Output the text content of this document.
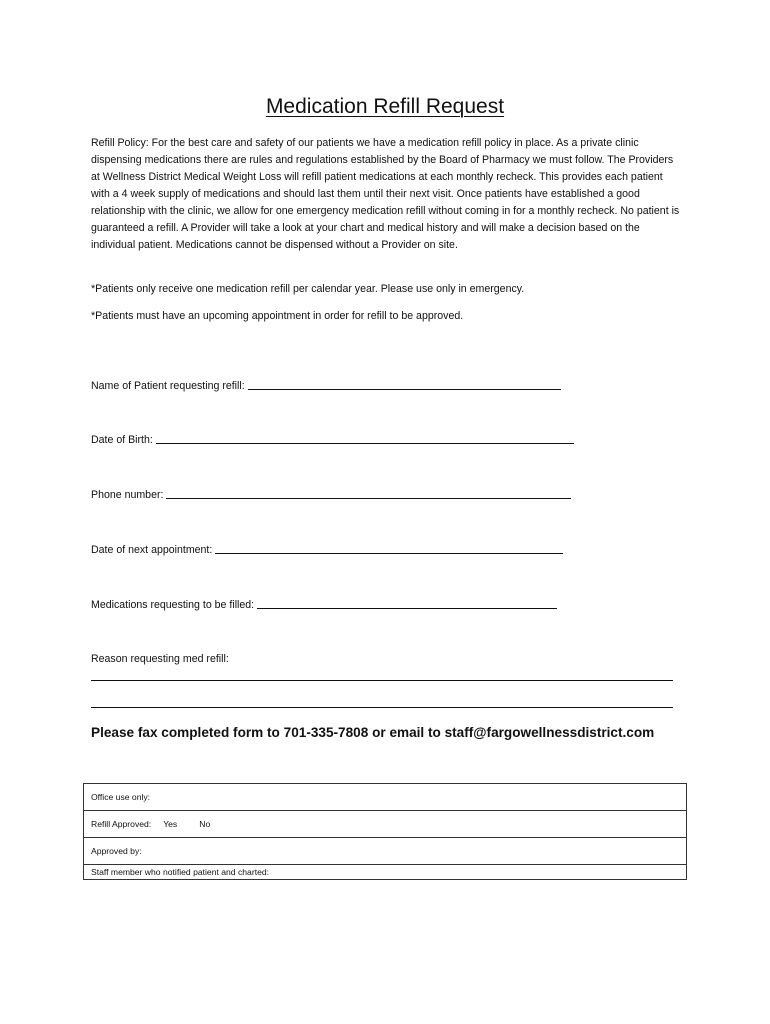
Medication Refill Request

Refill Policy: For the best care and safety of our patients we have a medication refill policy in place. As a private clinic dispensing medications there are rules and regulations established by the Board of Pharmacy we must follow. The Providers at Wellness District Medical Weight Loss will refill patient medications at each monthly recheck. This provides each patient with a 4 week supply of medications and should last them until their next visit. Once patients have established a good relationship with the clinic, we allow for one emergency medication refill without coming in for a monthly recheck. No patient is guaranteed a refill. A Provider will take a look at your chart and medical history and will make a decision based on the individual patient. Medications cannot be dispensed without a Provider on site.

*Patients only receive one medication refill per calendar year. Please use only in emergency.

*Patients must have an upcoming appointment in order for refill to be approved.

Name of Patient requesting refill:
Date of Birth:
Phone number:
Date of next appointment:
Medications requesting to be filled:
Reason requesting med refill:
Please fax completed form to 701-335-7808 or email to staff@fargowellnessdistrict.com
Office use only:
Refill Approved: Yes	No
Approved by:
Staff member who notified patient and charted:
